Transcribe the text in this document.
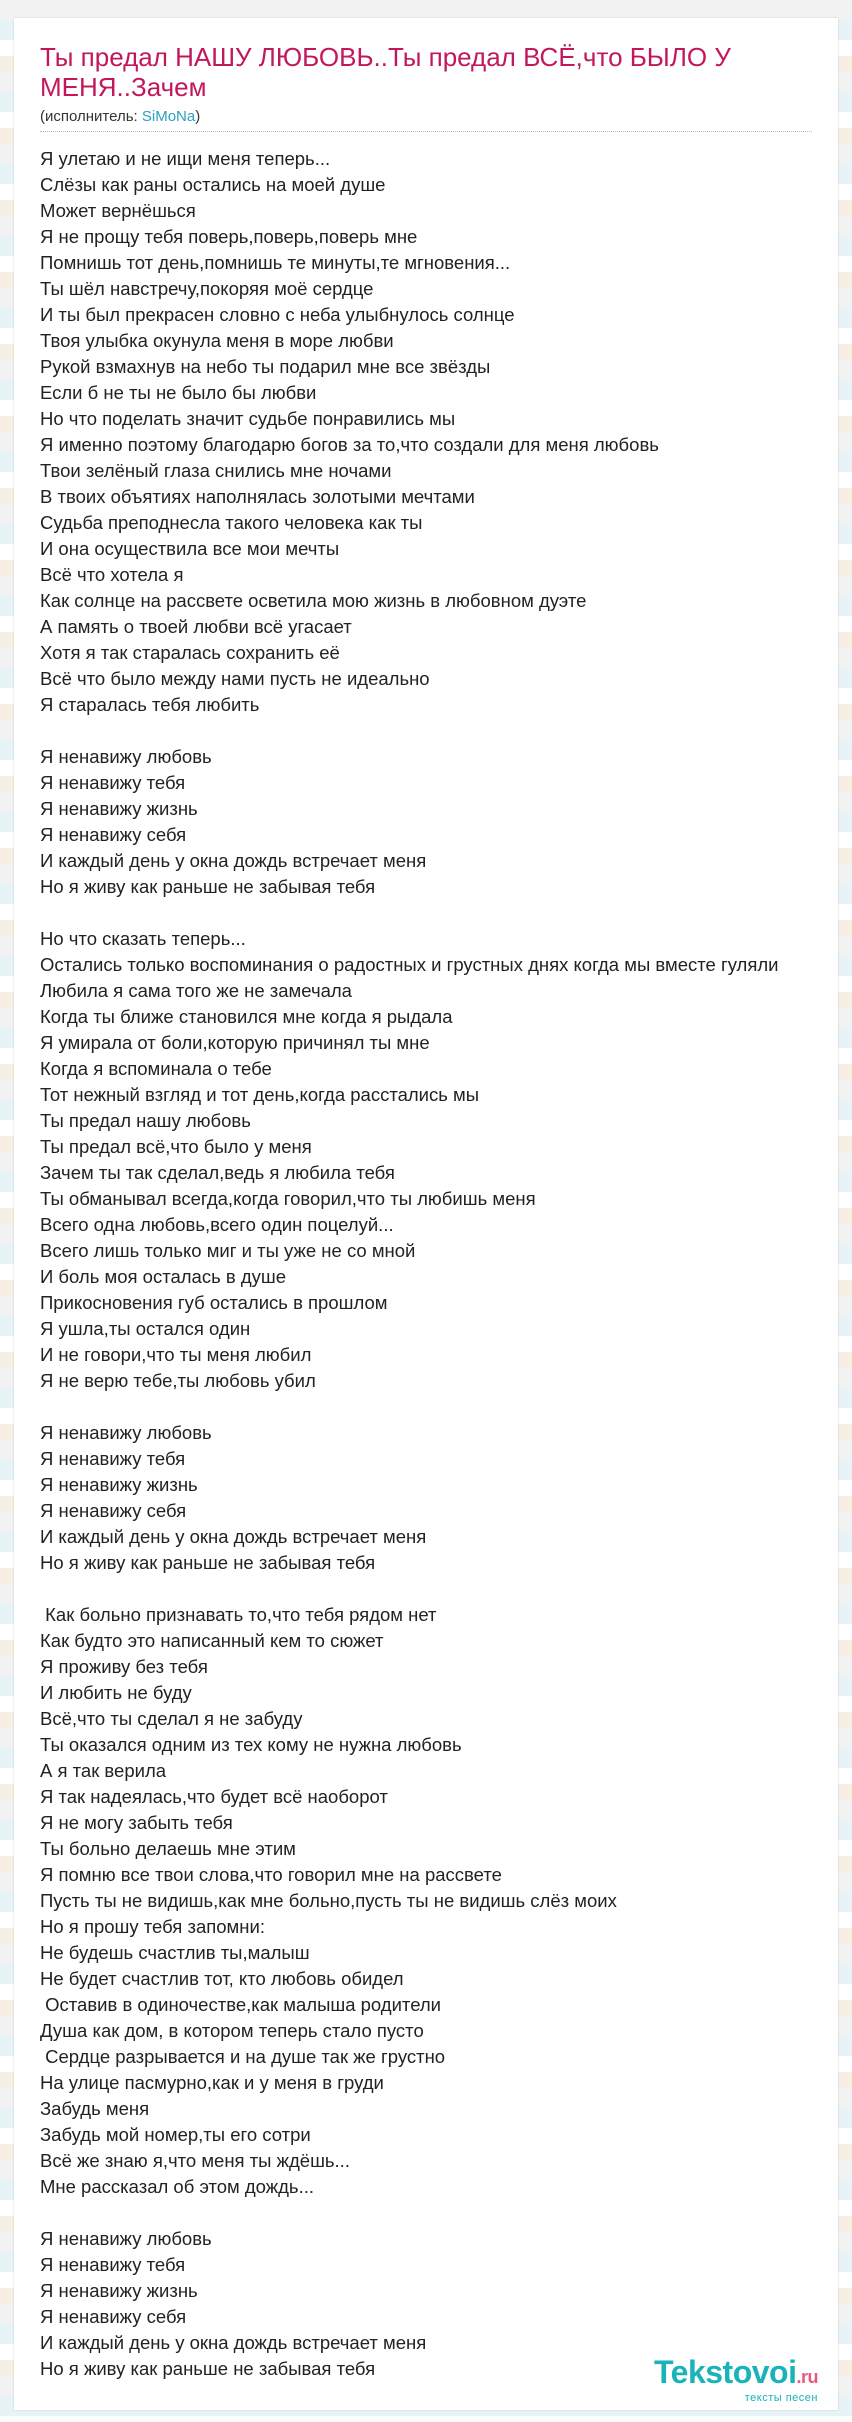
Ты предал НАШУ ЛЮБОВЬ..Ты предал ВСЁ,что БЫЛО У МЕНЯ..Зачем
(исполнитель: SiMoNa)
Я улетаю и не ищи меня теперь...
Слёзы как раны остались на моей душе
Может вернёшься
Я не прощу тебя поверь,поверь,поверь мне
Помнишь тот день,помнишь те минуты,те мгновения...
Ты шёл навстречу,покоряя моё сердце
И ты был прекрасен словно с неба улыбнулось солнце
Твоя улыбка окунула меня в море любви
Рукой взмахнув на небо ты подарил мне все звёзды
Если б не ты не было бы любви
Но что поделать значит судьбе понравились мы
Я именно поэтому благодарю богов за то,что создали для меня любовь
Твои зелёный глаза снились мне ночами
В твоих объятиях наполнялась золотыми мечтами
Судьба преподнесла такого человека как ты
И она осуществила все мои мечты
Всё что хотела я
Как солнце на рассвете осветила мою жизнь в любовном дуэте
А память о твоей любви всё угасает
Хотя я так старалась сохранить её
Всё что было между нами пусть не идеально
Я старалась тебя любить
Я ненавижу любовь
Я ненавижу тебя
Я ненавижу жизнь
Я ненавижу себя
И каждый день у окна дождь встречает меня
Но я живу как раньше не забывая тебя
Но что сказать теперь...
Остались только воспоминания о радостных и грустных днях когда мы вместе гуляли
Любила я сама того же не замечала
Когда ты ближе становился мне когда я рыдала
Я умирала от боли,которую причинял ты мне
Когда я вспоминала о тебе
Тот нежный взгляд и тот день,когда расстались мы
Ты предал нашу любовь
Ты предал всё,что было у меня
Зачем ты так сделал,ведь я любила тебя
Ты обманывал всегда,когда говорил,что ты любишь меня
Всего одна любовь,всего один поцелуй...
Всего лишь только миг и ты уже не со мной
И боль моя осталась в душе
Прикосновения губ остались в прошлом
Я ушла,ты остался один
И не говори,что ты меня любил
Я не верю тебе,ты любовь убил
Я ненавижу любовь
Я ненавижу тебя
Я ненавижу жизнь
Я ненавижу себя
И каждый день у окна дождь встречает меня
Но я живу как раньше не забывая тебя
Как больно признавать то,что тебя рядом нет
Как будто это написанный кем то сюжет
Я проживу без тебя
И любить не буду
Всё,что ты сделал я не забуду
Ты оказался одним из тех кому не нужна любовь
А я так верила
Я так надеялась,что будет всё наоборот
Я не могу забыть тебя
Ты больно делаешь мне этим
Я помню все твои слова,что говорил мне на рассвете
Пусть ты не видишь,как мне больно,пусть ты не видишь слёз моих
Но я прошу тебя запомни:
Не будешь счастлив ты,малыш
Не будет счастлив тот, кто любовь обидел
Оставив в одиночестве,как малыша родители
Душа как дом, в котором теперь стало пусто
Сердце разрывается и на душе так же грустно
На улице пасмурно,как и у меня в груди
Забудь меня
Забудь мой номер,ты его сотри
Всё же знаю я,что меня ты ждёшь...
Мне рассказал об этом дождь...
Я ненавижу любовь
Я ненавижу тебя
Я ненавижу жизнь
Я ненавижу себя
И каждый день у окна дождь встречает меня
Но я живу как раньше не забывая тебя	Tekstovoi.ru
тексты песен
